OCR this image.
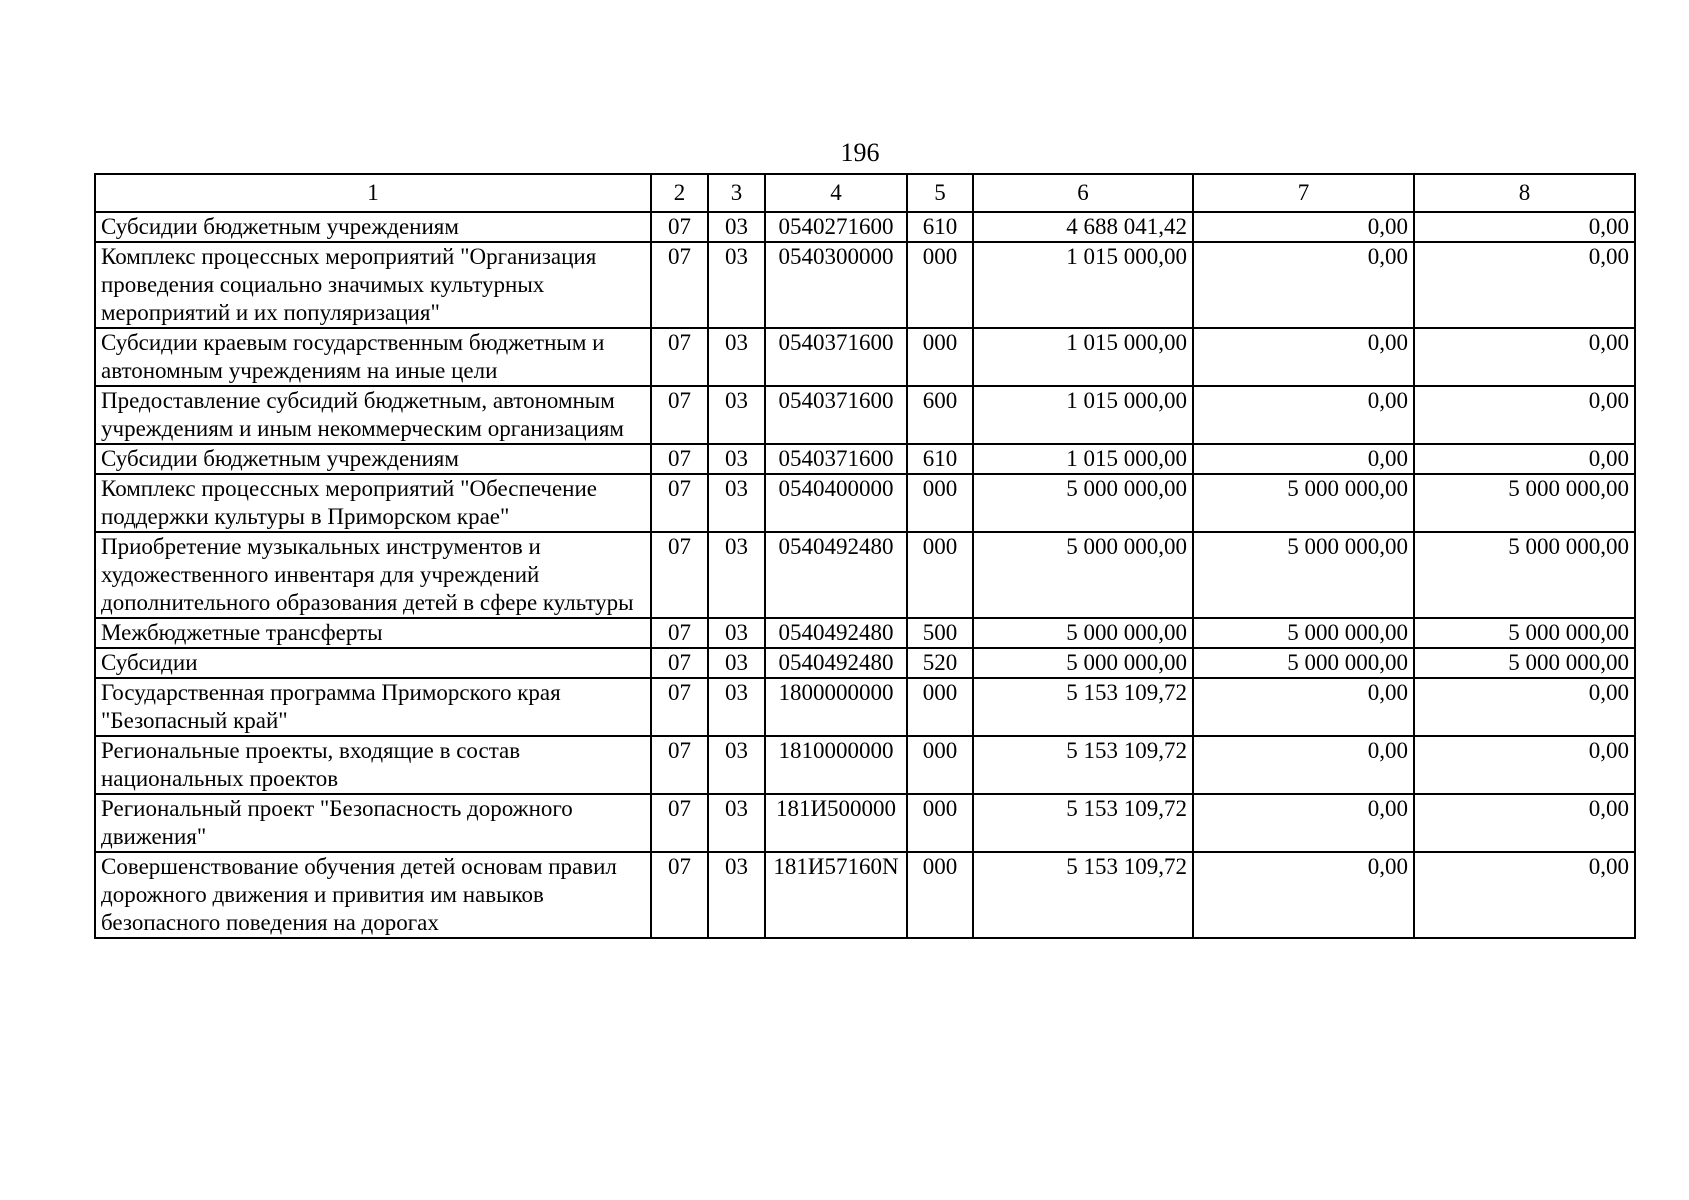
196
1	2	3	4	5	6	7	8
Субсидии бюджетным учреждениям	07	03	0540271600	610	4 688 041,42	0,00	0,00
Комплекс процессных мероприятий "Организация проведения социально значимых культурных мероприятий и их популяризация"	07	03	0540300000	000	1 015 000,00	0,00	0,00
Субсидии краевым государственным бюджетным и автономным учреждениям на иные цели	07	03	0540371600	000	1 015 000,00	0,00	0,00
Предоставление субсидий бюджетным, автономным учреждениям и иным некоммерческим организациям	07	03	0540371600	600	1 015 000,00	0,00	0,00
Субсидии бюджетным учреждениям	07	03	0540371600	610	1 015 000,00	0,00	0,00
Комплекс процессных мероприятий "Обеспечение поддержки культуры в Приморском крае"	07	03	0540400000	000	5 000 000,00	5 000 000,00	5 000 000,00
Приобретение музыкальных инструментов и художественного инвентаря для учреждений дополнительного образования детей в сфере культуры	07	03	0540492480	000	5 000 000,00	5 000 000,00	5 000 000,00
Межбюджетные трансферты	07	03	0540492480	500	5 000 000,00	5 000 000,00	5 000 000,00
Субсидии	07	03	0540492480	520	5 000 000,00	5 000 000,00	5 000 000,00
Государственная программа Приморского края "Безопасный край"	07	03	1800000000	000	5 153 109,72	0,00	0,00
Региональные проекты, входящие в состав национальных проектов	07	03	1810000000	000	5 153 109,72	0,00	0,00
Региональный проект "Безопасность дорожного движения"	07	03	181И500000	000	5 153 109,72	0,00	0,00
Совершенствование обучения детей основам правил дорожного движения и привития им навыков безопасного поведения на дорогах	07	03	181И57160N	000	5 153 109,72	0,00	0,00
